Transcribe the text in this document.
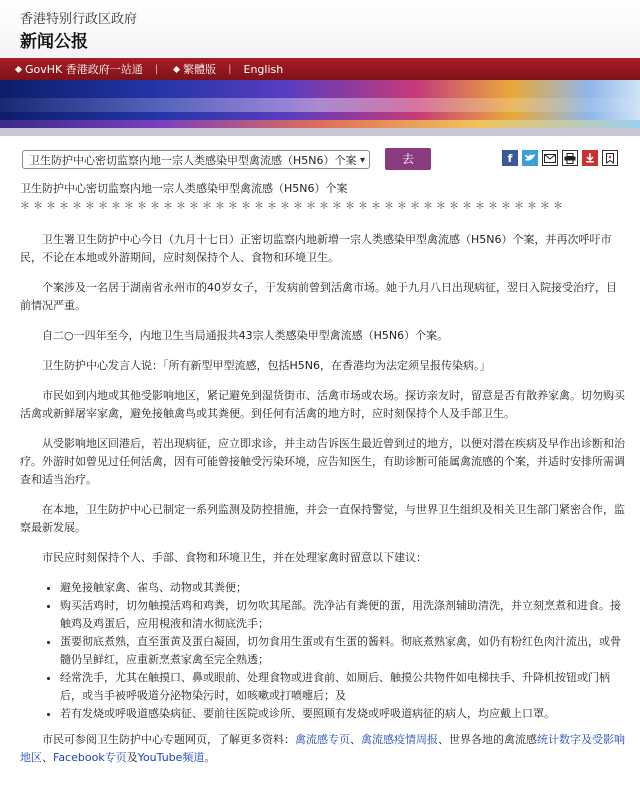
香港特别行政区政府
新闻公报
GovHK 香港政府一站通	|	繁體版	|	English
卫生防护中心密切监察内地一宗人类感染甲型禽流感（H5N6）个案 ▾	去	f

卫生防护中心密切监察内地一宗人类感染甲型禽流感（H5N6）个案

＊＊＊＊＊＊＊＊＊＊＊＊＊＊＊＊＊＊＊＊＊＊＊＊＊＊＊＊＊＊＊＊＊＊＊＊＊＊＊＊＊＊

卫生署卫生防护中心今日（九月十七日）正密切监察内地新增一宗人类感染甲型禽流感（H5N6）个案，并再次呼吁市民，不论在本地或外游期间，应时刻保持个人、食物和环境卫生。

个案涉及一名居于湖南省永州市的40岁女子，于发病前曾到活禽市场。她于九月八日出现病征，翌日入院接受治疗，目前情况严重。

自二○一四年至今，内地卫生当局通报共43宗人类感染甲型禽流感（H5N6）个案。

卫生防护中心发言人说：「所有新型甲型流感，包括H5N6，在香港均为法定须呈报传染病。」

市民如到内地或其他受影响地区，紧记避免到湿货街市、活禽市场或农场。探访亲友时，留意是否有散养家禽。切勿购买活禽或新鲜屠宰家禽，避免接触禽鸟或其粪便。到任何有活禽的地方时，应时刻保持个人及手部卫生。

从受影响地区回港后，若出现病征，应立即求诊，并主动告诉医生最近曾到过的地方，以便对潜在疾病及早作出诊断和治疗。外游时如曾见过任何活禽，因有可能曾接触受污染环境，应告知医生，有助诊断可能属禽流感的个案，并适时安排所需调查和适当治疗。

在本地，卫生防护中心已制定一系列监测及防控措施，并会一直保持警觉，与世界卫生组织及相关卫生部门紧密合作，监察最新发展。

市民应时刻保持个人、手部、食物和环境卫生，并在处理家禽时留意以下建议：

• 避免接触家禽、雀鸟、动物或其粪便；
• 购买活鸡时，切勿触摸活鸡和鸡粪，切勿吹其尾部。洗净沾有粪便的蛋，用洗涤剂辅助清洗，并立刻烹煮和进食。接触鸡及鸡蛋后，应用梘液和清水彻底洗手；
• 蛋要彻底煮熟，直至蛋黄及蛋白凝固，切勿食用生蛋或有生蛋的酱料。彻底煮熟家禽，如仍有粉红色肉汁流出，或骨髓仍呈鲜红，应重新烹煮家禽至完全熟透；
• 经常洗手，尤其在触摸口、鼻或眼前、处理食物或进食前、如厕后、触摸公共物件如电梯扶手、升降机按钮或门柄后，或当手被呼吸道分泌物染污时，如咳嗽或打喷嚏后；及
• 若有发烧或呼吸道感染病征、要前往医院或诊所、要照顾有发烧或呼吸道病征的病人，均应戴上口罩。

市民可参阅卫生防护中心专题网页，了解更多资料：禽流感专页、禽流感疫情周报、世界各地的禽流感统计数字及受影响地区、Facebook专页及YouTube频道。
